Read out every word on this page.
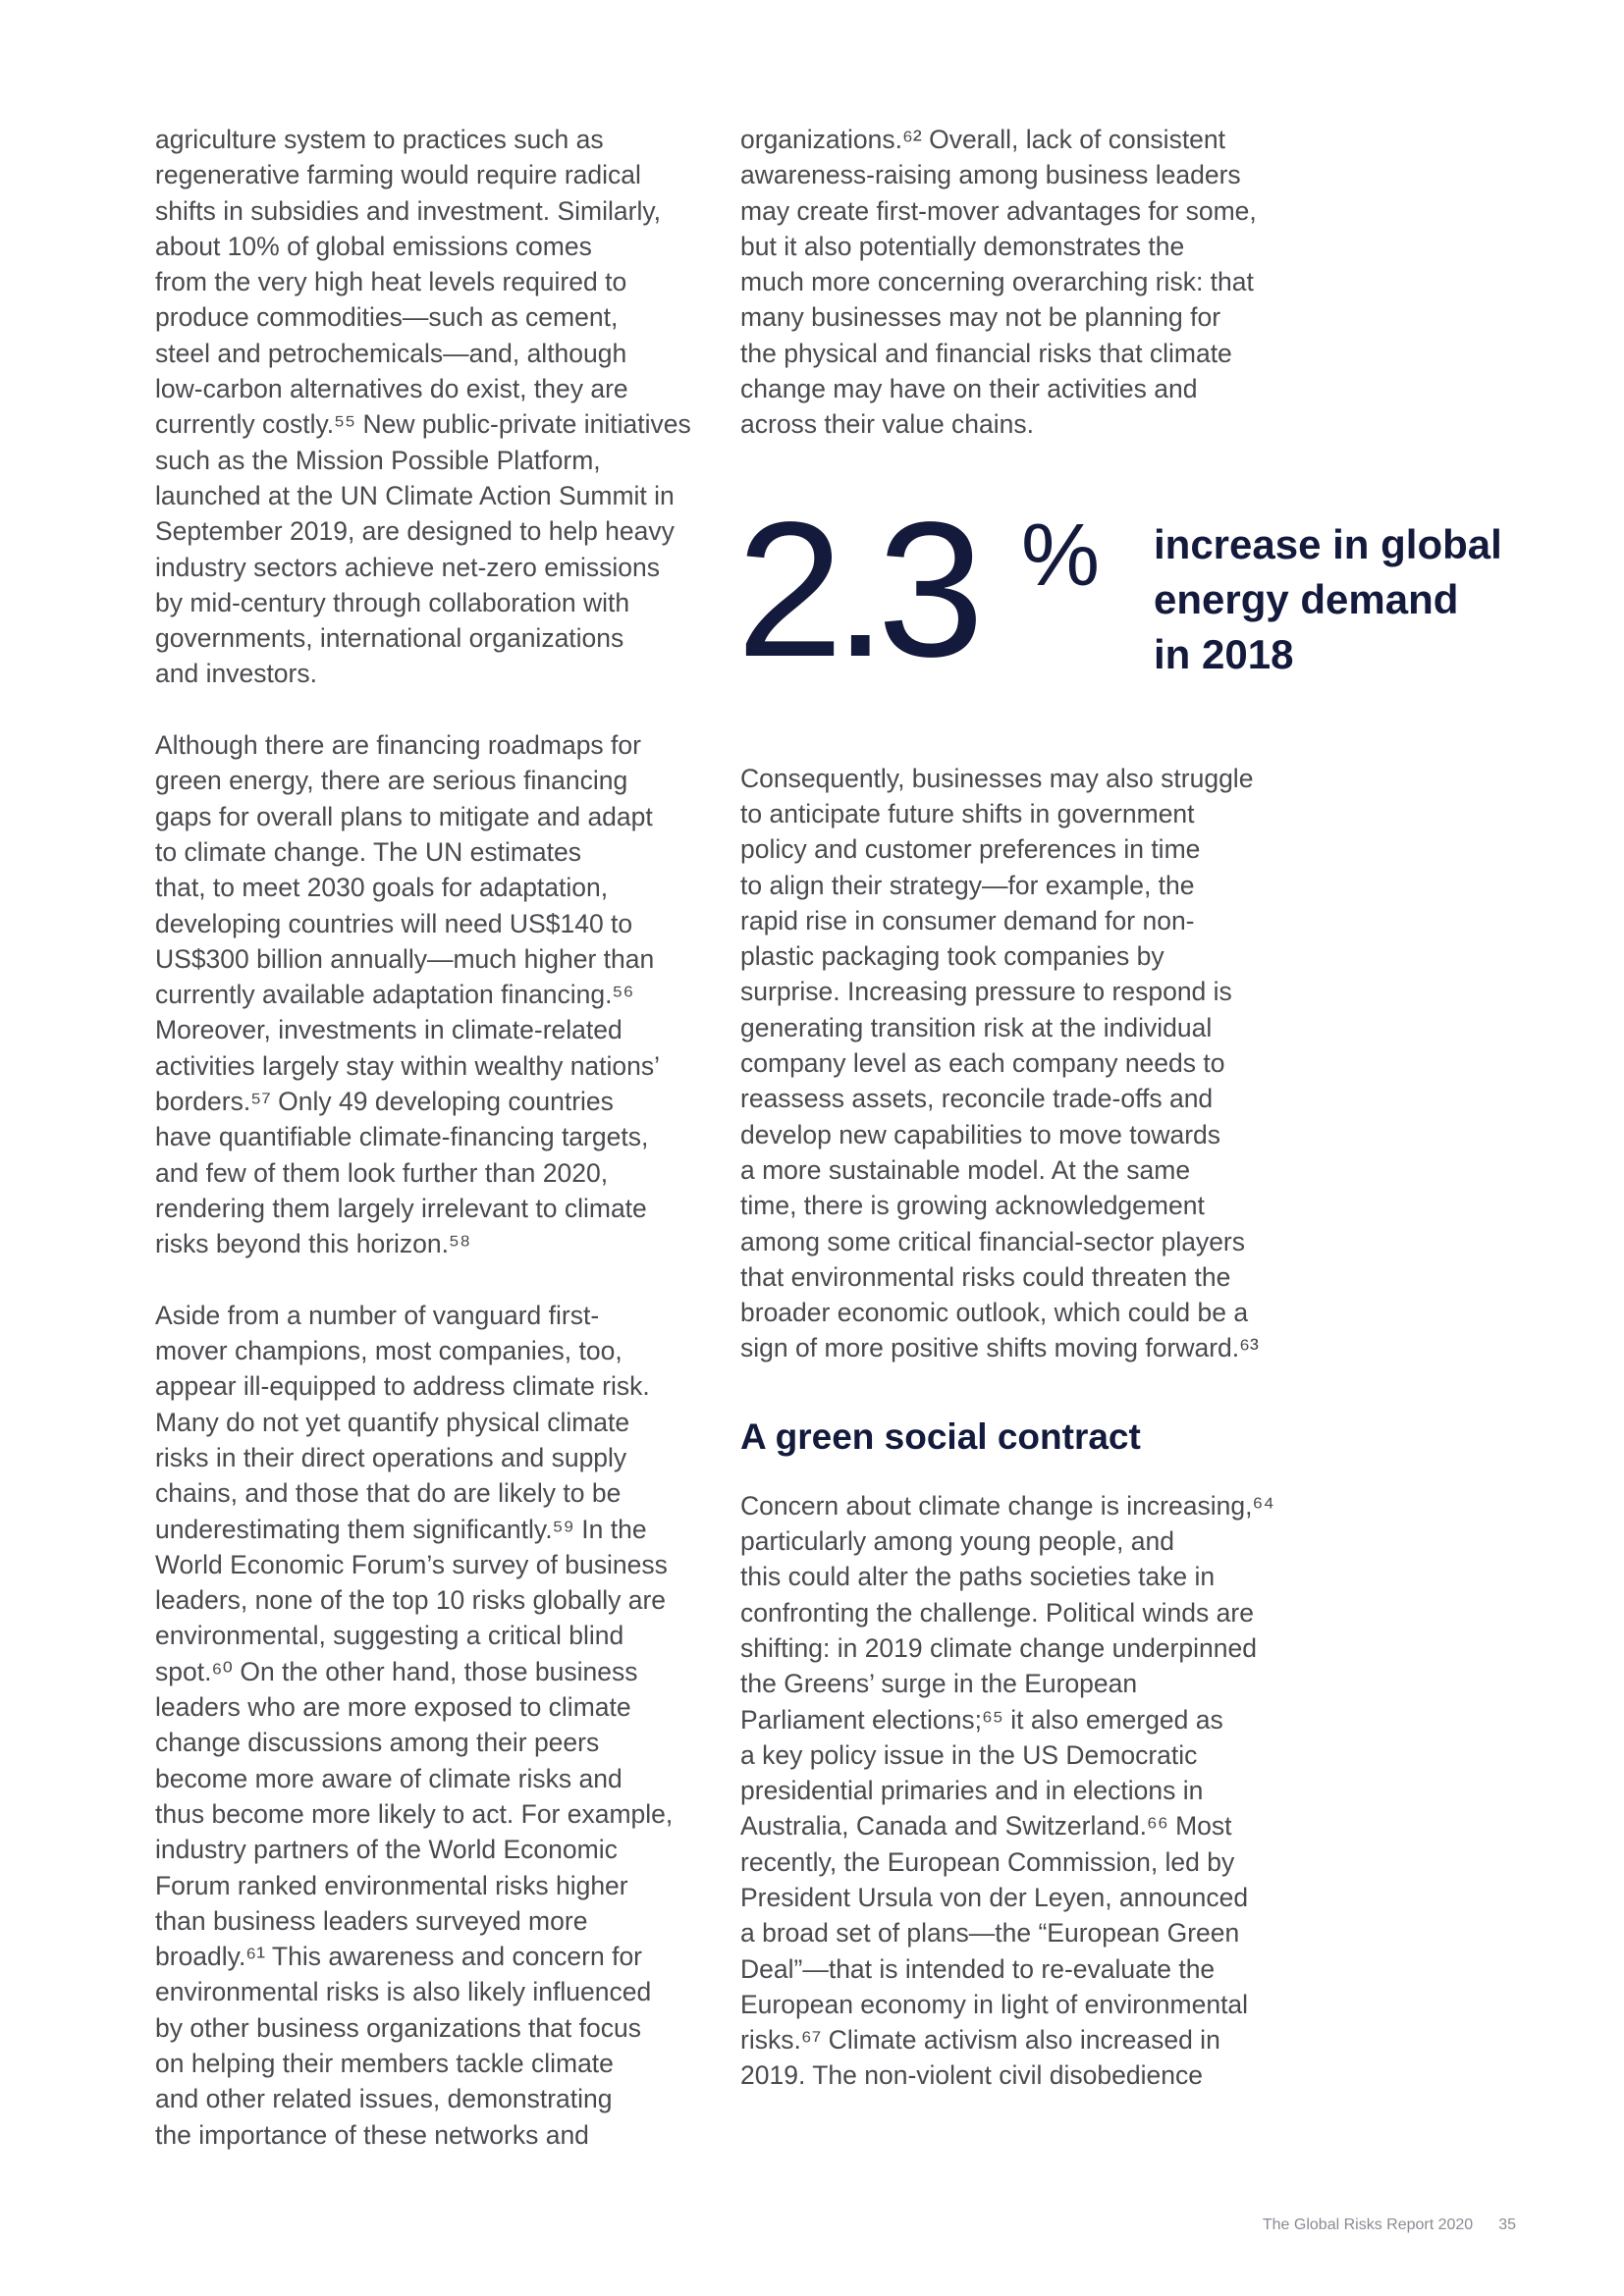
agriculture system to practices such as
regenerative farming would require radical
shifts in subsidies and investment. Similarly,
about 10% of global emissions comes
from the very high heat levels required to
produce commodities—such as cement,
steel and petrochemicals—and, although
low-carbon alternatives do exist, they are
currently costly.⁵⁵ New public-private initiatives
such as the Mission Possible Platform,
launched at the UN Climate Action Summit in
September 2019, are designed to help heavy
industry sectors achieve net-zero emissions
by mid-century through collaboration with
governments, international organizations
and investors.

Although there are financing roadmaps for
green energy, there are serious financing
gaps for overall plans to mitigate and adapt
to climate change. The UN estimates
that, to meet 2030 goals for adaptation,
developing countries will need US$140 to
US$300 billion annually—much higher than
currently available adaptation financing.⁵⁶
Moreover, investments in climate-related
activities largely stay within wealthy nations’
borders.⁵⁷ Only 49 developing countries
have quantifiable climate-financing targets,
and few of them look further than 2020,
rendering them largely irrelevant to climate
risks beyond this horizon.⁵⁸

Aside from a number of vanguard first-
mover champions, most companies, too,
appear ill-equipped to address climate risk.
Many do not yet quantify physical climate
risks in their direct operations and supply
chains, and those that do are likely to be
underestimating them significantly.⁵⁹ In the
World Economic Forum’s survey of business
leaders, none of the top 10 risks globally are
environmental, suggesting a critical blind
spot.⁶⁰ On the other hand, those business
leaders who are more exposed to climate
change discussions among their peers
become more aware of climate risks and
thus become more likely to act. For example,
industry partners of the World Economic
Forum ranked environmental risks higher
than business leaders surveyed more
broadly.⁶¹ This awareness and concern for
environmental risks is also likely influenced
by other business organizations that focus
on helping their members tackle climate
and other related issues, demonstrating
the importance of these networks and

organizations.⁶² Overall, lack of consistent
awareness-raising among business leaders
may create first-mover advantages for some,
but it also potentially demonstrates the
much more concerning overarching risk: that
many businesses may not be planning for
the physical and financial risks that climate
change may have on their activities and
across their value chains.

2.3 % increase in global
energy demand
in 2018

Consequently, businesses may also struggle
to anticipate future shifts in government
policy and customer preferences in time
to align their strategy—for example, the
rapid rise in consumer demand for non-
plastic packaging took companies by
surprise. Increasing pressure to respond is
generating transition risk at the individual
company level as each company needs to
reassess assets, reconcile trade-offs and
develop new capabilities to move towards
a more sustainable model. At the same
time, there is growing acknowledgement
among some critical financial-sector players
that environmental risks could threaten the
broader economic outlook, which could be a
sign of more positive shifts moving forward.⁶³

A green social contract

Concern about climate change is increasing,⁶⁴
particularly among young people, and
this could alter the paths societies take in
confronting the challenge. Political winds are
shifting: in 2019 climate change underpinned
the Greens’ surge in the European
Parliament elections;⁶⁵ it also emerged as
a key policy issue in the US Democratic
presidential primaries and in elections in
Australia, Canada and Switzerland.⁶⁶ Most
recently, the European Commission, led by
President Ursula von der Leyen, announced
a broad set of plans—the “European Green
Deal”—that is intended to re-evaluate the
European economy in light of environmental
risks.⁶⁷ Climate activism also increased in
2019. The non-violent civil disobedience

The Global Risks Report 2020 35
